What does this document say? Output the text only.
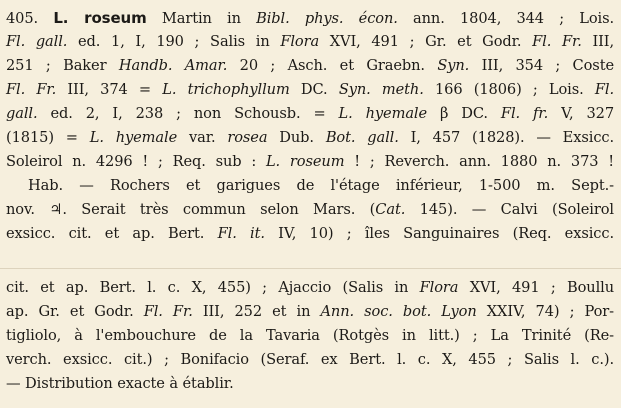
405. L. roseum Martin in Bibl. phys. écon. ann. 1804, 344 ; Lois.
Fl. gall. ed. 1, I, 190 ; Salis in Flora XVI, 491 ; Gr. et Godr. Fl. Fr. III,
251 ; Baker Handb. Amar. 20 ; Asch. et Graebn. Syn. III, 354 ; Coste
Fl. Fr. III, 374 = L. trichophyllum DC. Syn. meth. 166 (1806) ; Lois. Fl.
gall. ed. 2, I, 238 ; non Schousb. = L. hyemale β DC. Fl. fr. V, 327
(1815) = L. hyemale var. rosea Dub. Bot. gall. I, 457 (1828). — Exsicc.
Soleirol n. 4296 ! ; Req. sub : L. roseum ! ; Reverch. ann. 1880 n. 373 !
Hab. — Rochers et garigues de l'étage inférieur, 1-500 m. Sept.-
nov. ♃. Serait très commun selon Mars. (Cat. 145). — Calvi (Soleirol
exsicc. cit. et ap. Bert. Fl. it. IV, 10) ; îles Sanguinaires (Req. exsicc.
cit. et ap. Bert. l. c. X, 455) ; Ajaccio (Salis in Flora XVI, 491 ; Boullu
ap. Gr. et Godr. Fl. Fr. III, 252 et in Ann. soc. bot. Lyon XXIV, 74) ; Por-
tigliolo, à l'embouchure de la Tavaria (Rotgès in litt.) ; La Trinité (Re-
verch. exsicc. cit.) ; Bonifacio (Seraf. ex Bert. l. c. X, 455 ; Salis l. c.).
— Distribution exacte à établir.
